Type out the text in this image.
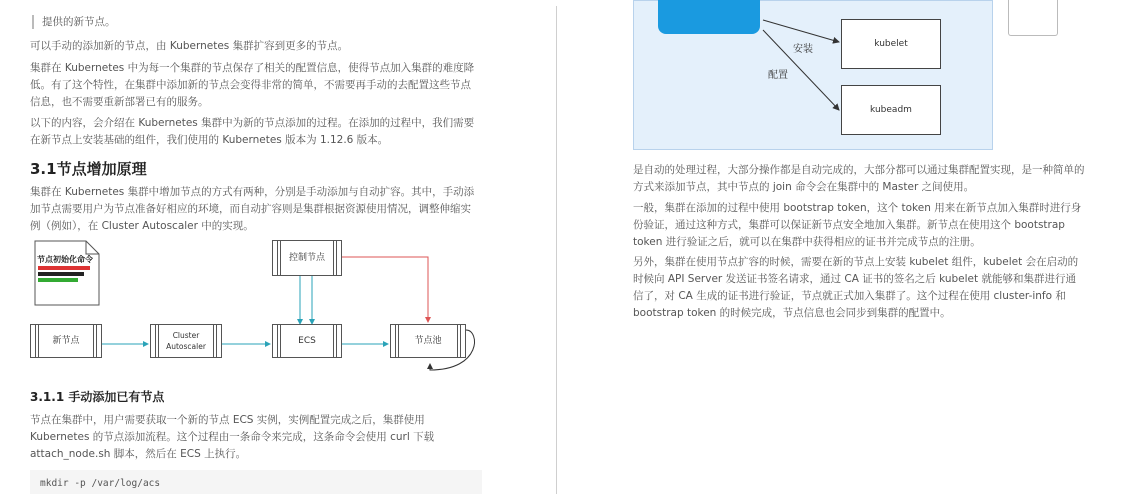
提供的新节点。
可以手动的添加新的节点，由 Kubernetes 集群扩容到更多的节点。
集群在 Kubernetes 中为每一个集群的节点保存了相关的配置信息，使得节点加入集群的难度降低。有了这个特性，在集群中添加新的节点会变得非常的简单，不需要再手动的去配置这些节点信息，也不需要重新部署已有的服务。
以下的内容，会介绍在 Kubernetes 集群中为新的节点添加的过程。在添加的过程中，我们需要在新节点上安装基础的组件，我们使用的 Kubernetes 版本为 1.12.6 版本。
3.1节点增加原理
集群在 Kubernetes 集群中增加节点的方式有两种，分别是手动添加与自动扩容。其中，手动添加节点需要用户为节点准备好相应的环境，而自动扩容则是集群根据资源使用情况，调整伸缩实例（例如），在 Cluster Autoscaler 中的实现。
节点初始化命令
新节点	Cluster
Autoscaler
控制节点
ECS	节点池
3.1.1 手动添加已有节点
节点在集群中，用户需要获取一个新的节点 ECS 实例，实例配置完成之后，集群使用 Kubernetes 的节点添加流程。这个过程由一条命令来完成，这条命令会使用 curl 下载 attach_node.sh 脚本，然后在 ECS 上执行。
mkdir -p /var/log/acs
安装
配置
kubelet
kubeadm
是自动的处理过程，大部分操作都是自动完成的，大部分都可以通过集群配置实现，是一种简单的方式来添加节点，其中节点的 join 命令会在集群中的 Master 之间使用。
一般，集群在添加的过程中使用 bootstrap token，这个 token 用来在新节点加入集群时进行身份验证，通过这种方式，集群可以保证新节点安全地加入集群。新节点在使用这个 bootstrap token 进行验证之后，就可以在集群中获得相应的证书并完成节点的注册。
另外，集群在使用节点扩容的时候，需要在新的节点上安装 kubelet 组件，kubelet 会在启动的时候向 API Server 发送证书签名请求，通过 CA 证书的签名之后 kubelet 就能够和集群进行通信了，对 CA 生成的证书进行验证，节点就正式加入集群了。这个过程在使用 cluster-info 和 bootstrap token 的时候完成，节点信息也会同步到集群的配置中。
